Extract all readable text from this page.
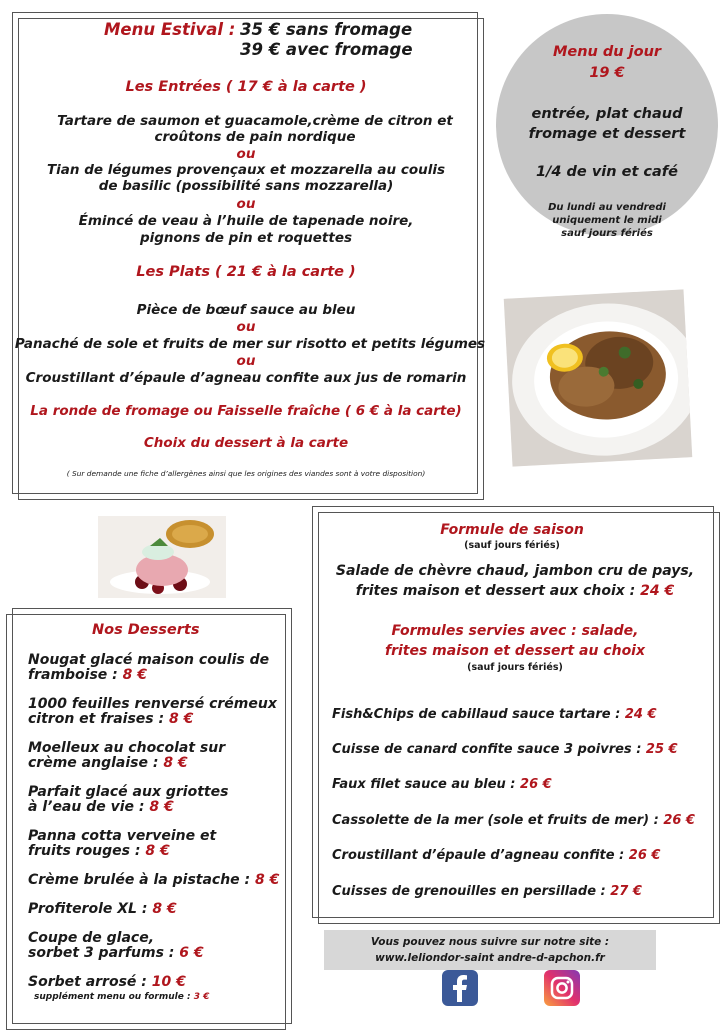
Menu Estival : 35 € sans fromage
39 € avec fromage
Les Entrées ( 17 € à la carte )
Tartare de saumon et guacamole,crème de citron et
croûtons de pain nordique
ou
Tian de légumes provençaux et mozzarella au coulis
de basilic (possibilité sans mozzarella)
ou
Émincé de veau à l’huile de tapenade noire,
pignons de pin et roquettes
Les Plats ( 21 € à la carte )
Pièce de bœuf sauce au bleu
ou
Panaché de sole et fruits de mer sur risotto et petits légumes
ou
Croustillant d’épaule d’agneau confite aux jus de romarin
La ronde de fromage ou Faisselle fraîche ( 6 € à la carte)
Choix du dessert à la carte
( Sur demande une fiche d’allergènes ainsi que les origines des viandes sont à votre disposition)
Menu du jour
19 €
entrée, plat chaud
fromage et dessert
1/4 de vin et café
Du lundi au vendredi
uniquement le midi
sauf jours fériés
Nos Desserts
Nougat glacé maison coulis de
framboise : 8 €
1000 feuilles renversé crémeux
citron et fraises : 8 €
Moelleux au chocolat sur
crème anglaise : 8 €
Parfait glacé aux griottes
à l’eau de vie : 8 €
Panna cotta verveine et
fruits rouges : 8 €
Crème brulée à la pistache : 8 €
Profiterole XL : 8 €
Coupe de glace,
sorbet 3 parfums : 6 €
Sorbet arrosé : 10 €
supplément menu ou formule : 3 €
Formule de saison
(sauf jours fériés)
Salade de chèvre chaud, jambon cru de pays,
frites maison et dessert aux choix : 24 €
Formules servies avec : salade,
frites maison et dessert au choix
(sauf jours fériés)
Fish&Chips de cabillaud sauce tartare : 24 €
Cuisse de canard confite sauce 3 poivres : 25 €
Faux filet sauce au bleu : 26 €
Cassolette de la mer (sole et fruits de mer) : 26 €
Croustillant d’épaule d’agneau confite : 26 €
Cuisses de grenouilles en persillade : 27 €
Vous pouvez nous suivre sur notre site :
www.leliondor-saint andre-d-apchon.fr
